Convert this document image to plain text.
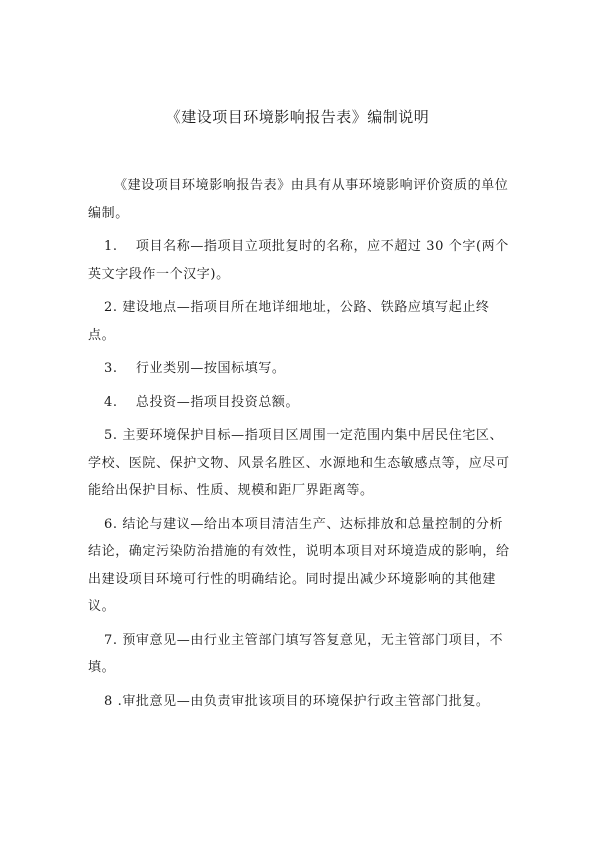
《建设项目环境影响报告表》编制说明

《建设项目环境影响报告表》由具有从事环境影响评价资质的单位编制。

1.　 项目名称—指项目立项批复时的名称，应不超过 30 个字(两个英文字段作一个汉字)。

2. 建设地点—指项目所在地详细地址，公路、铁路应填写起止终点。

3.　 行业类别—按国标填写。

4.　 总投资—指项目投资总额。

5. 主要环境保护目标—指项目区周围一定范围内集中居民住宅区、学校、医院、保护文物、风景名胜区、水源地和生态敏感点等，应尽可能给出保护目标、性质、规模和距厂界距离等。

6. 结论与建议—给出本项目清洁生产、达标排放和总量控制的分析结论，确定污染防治措施的有效性，说明本项目对环境造成的影响，给出建设项目环境可行性的明确结论。同时提出减少环境影响的其他建议。

7. 预审意见—由行业主管部门填写答复意见，无主管部门项目，不填。

8 .审批意见—由负责审批该项目的环境保护行政主管部门批复。
